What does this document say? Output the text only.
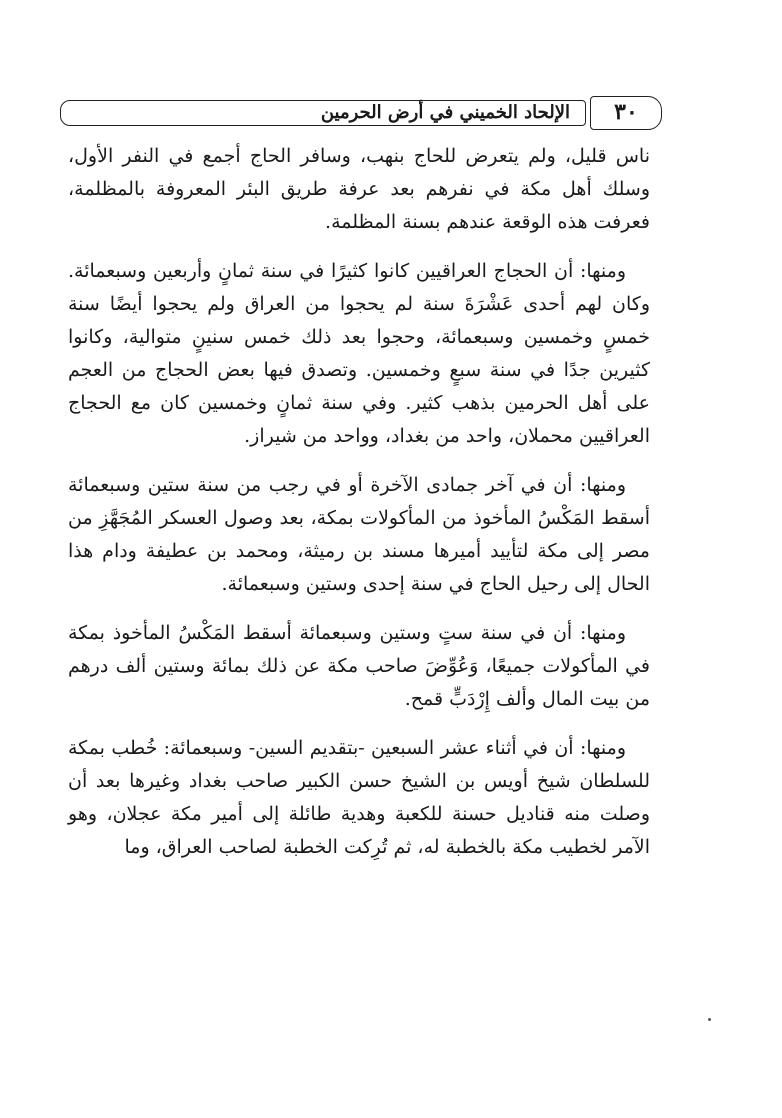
الإلحاد الخميني في أرض الحرمين	٣٠

ناس قليل، ولم يتعرض للحاج بنهب، وسافر الحاج أجمع في النفر الأول، وسلك أهل مكة في نفرهم بعد عرفة طريق البئر المعروفة بالمظلمة، فعرفت هذه الوقعة عندهم بسنة المظلمة.

ومنها: أن الحجاج العراقيين كانوا كثيرًا في سنة ثمانٍ وأربعين وسبعمائة. وكان لهم أحدى عَشْرَةَ سنة لم يحجوا من العراق ولم يحجوا أيضًا سنة خمسٍ وخمسين وسبعمائة، وحجوا بعد ذلك خمس سنينٍ متوالية، وكانوا كثيرين جدًا في سنة سبعٍ وخمسين. وتصدق فيها بعض الحجاج من العجم على أهل الحرمين بذهب كثير. وفي سنة ثمانٍ وخمسين كان مع الحجاج العراقيين محملان، واحد من بغداد، وواحد من شيراز.

ومنها: أن في آخر جمادى الآخرة أو في رجب من سنة ستين وسبعمائة أسقط المَكْسُ المأخوذ من المأكولات بمكة، بعد وصول العسكر المُجَهَّزِ من مصر إلى مكة لتأييد أميرها مسند بن رميثة، ومحمد بن عطيفة ودام هذا الحال إلى رحيل الحاج في سنة إحدى وستين وسبعمائة.

ومنها: أن في سنة ستٍ وستين وسبعمائة أسقط المَكْسُ المأخوذ بمكة في المأكولات جميعًا، وَعُوِّضَ صاحب مكة عن ذلك بمائة وستين ألف درهم من بيت المال وألف إِرْدَبٍّ قمح.

ومنها: أن في أثناء عشر السبعين -بتقديم السين- وسبعمائة: خُطب بمكة للسلطان شيخ أويس بن الشيخ حسن الكبير صاحب بغداد وغيرها بعد أن وصلت منه قناديل حسنة للكعبة وهدية طائلة إلى أمير مكة عجلان، وهو الآمر لخطيب مكة بالخطبة له، ثم تُرِكت الخطبة لصاحب العراق، وما
